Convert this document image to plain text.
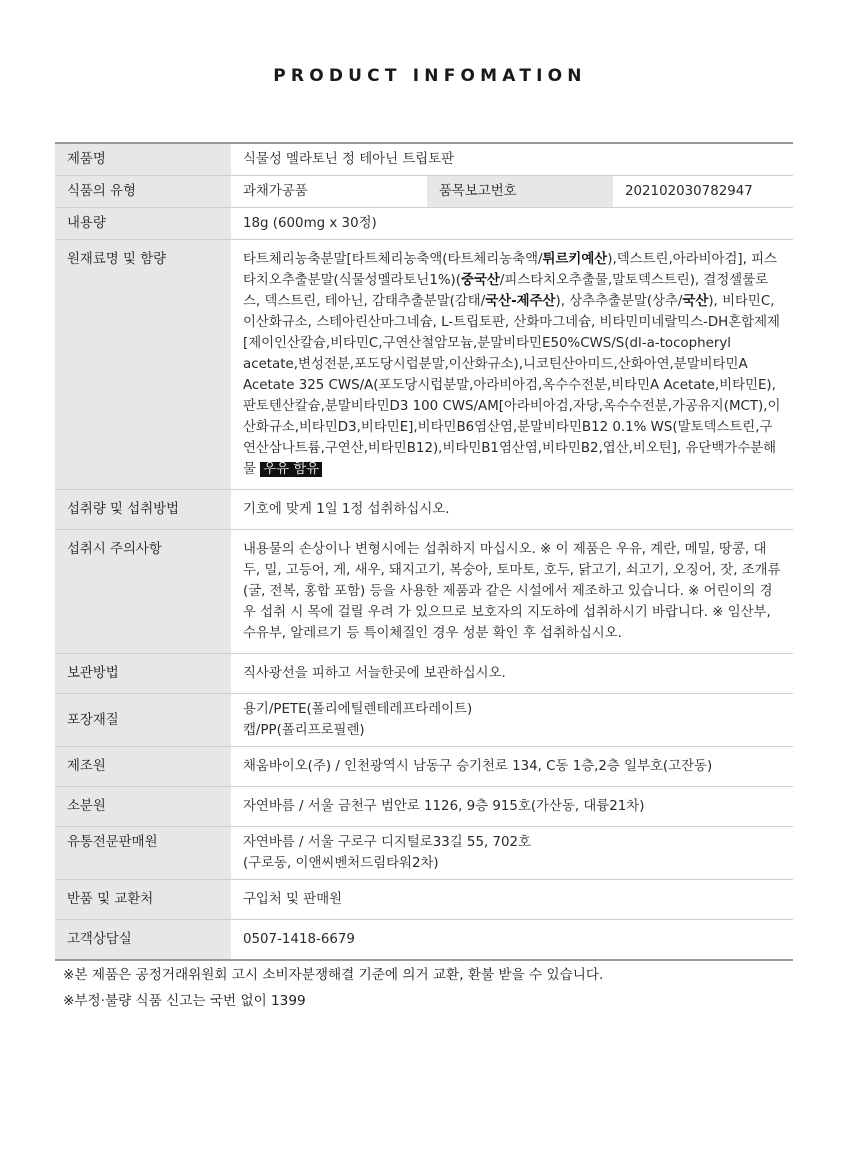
PRODUCT INFOMATION
제품명	식물성 멜라토닌 정 테아닌 트립토판		
식품의 유형	과채가공품	품목보고번호	20210203078294​7
내용량	18g (600mg x 30정)		
원재료명 및 함량	타트체리농축분말[타트체리농축액(타트체리농축액/튀르키예산),덱스트린,아라비아검], 피스타치오추출분말(식물성멜라토닌1%)(중국산/피스타치오추출물,말토덱스트린), 결정셀룰로스, 덱스트린, 테아닌, 감태추출분말(감태/국산-제주산), 상추추출분말(상추/국산), 비타민C, 이산화규소, 스테아린산마그네슘, L-트립토판, 산화마그네슘, 비타민미네랄믹스-DH혼합제제[제이인산칼슘,비타민C,구연산철암모늄,분말비타민E50%CWS/S(dl-a-tocopheryl acetate,변성전분,포도당시럽분말,이산화규소),니코틴산아미드,산화아연,분말비타민A Acetate 325 CWS/A(포도당시럽분말,아라비아검,옥수수전분,비타민A Acetate,비타민E),판토텐산칼슘,분말비타민D3 100 CWS/AM[아라비아검,자당,옥수수전분,가공유지(MCT),이산화규소,비타민D3,비타민E],비타민B6염산염,분말비타민B12 0.1% WS(말토덱스트린,구연산삼나트륨,구연산,비타민B12),비타민B1염산염,비타민B2,엽산,비오틴], 유단백가수분해물 우유 함유		
섭취량 및 섭취방법	기호에 맞게 1일 1정 섭취하십시오.		
섭취시 주의사항	내용물의 손상이나 변형시에는 섭취하지 마십시오. ※ 이 제품은 우유, 계란, 메밀, 땅콩, 대두, 밀, 고등어, 게, 새우, 돼지고기, 복숭아, 토마토, 호두, 닭고기, 쇠고기, 오징어, 잣, 조개류(굴, 전복, 홍합 포함) 등을 사용한 제품과 같은 시설에서 제조하고 있습니다. ※ 어린이의 경우 섭취 시 목에 걸릴 우려 가 있으므로 보호자의 지도하에 섭취하시기 바랍니다. ※ 임산부, 수유부, 알레르기 등 특이체질인 경우 성분 확인 후 섭취하십시오.		
보관방법	직사광선을 피하고 서늘한곳에 보관하십시오.		
포장재질	용기/PETE(폴리에틸렌테레프타레이트)
캡/PP(폴리프로필렌)		

제조원	채움바이오(주) / 인천광역시 남동구 승기천로 134, C동 1층,2층 일부호(고잔동)		
소분원	자연바름 / 서울 금천구 범안로 1126, 9층 915호(가산동, 대륭21차)		
유통전문판매원	자연바름 / 서울 구로구 디지털로33길 55, 702호
(구로동, 이앤씨벤처드림타워2차)		

반품 및 교환처	구입처 및 판매원		
고객상담실	0507-1418-6679		
※본 제품은 공정거래위원회 고시 소비자분쟁해결 기준에 의거 교환, 환불 받을 수 있습니다.
※부정·불량 식품 신고는 국번 없이 1399
